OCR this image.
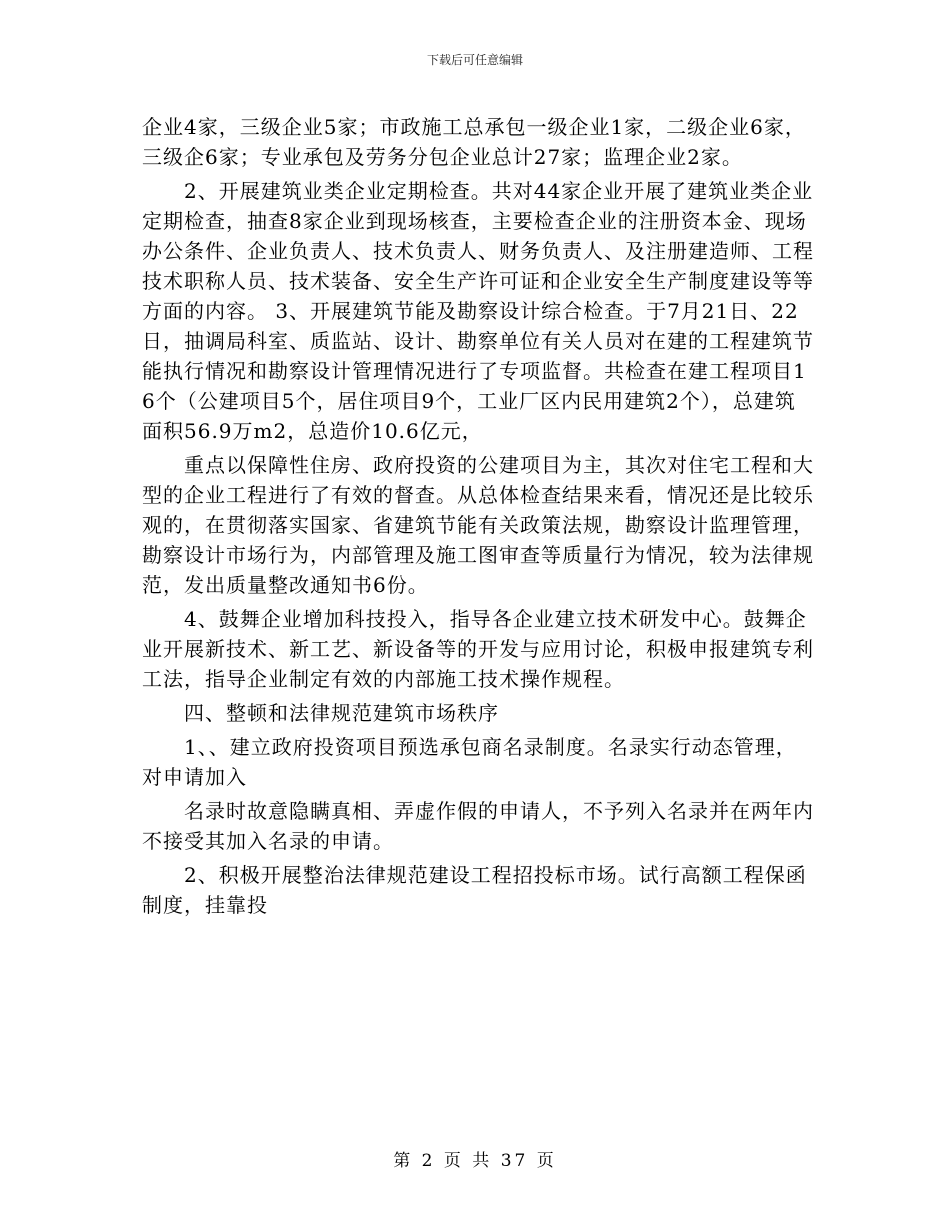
下载后可任意编辑

企业4家，三级企业5家；市政施工总承包一级企业1家，二级企业6家，三级企6家；专业承包及劳务分包企业总计27家；监理企业2家。

2、开展建筑业类企业定期检查。共对44家企业开展了建筑业类企业定期检查，抽查8家企业到现场核查，主要检查企业的注册资本金、现场办公条件、企业负责人、技术负责人、财务负责人、及注册建造师、工程技术职称人员、技术装备、安全生产许可证和企业安全生产制度建设等等方面的内容。 3、开展建筑节能及勘察设计综合检查。于7月21日、22日，抽调局科室、质监站、设计、勘察单位有关人员对在建的工程建筑节能执行情况和勘察设计管理情况进行了专项监督。共检查在建工程项目16个（公建项目5个，居住项目9个，工业厂区内民用建筑2个），总建筑面积56.9万m2，总造价10.6亿元，

重点以保障性住房、政府投资的公建项目为主，其次对住宅工程和大型的企业工程进行了有效的督查。从总体检查结果来看，情况还是比较乐观的，在贯彻落实国家、省建筑节能有关政策法规，勘察设计监理管理，勘察设计市场行为，内部管理及施工图审查等质量行为情况，较为法律规范，发出质量整改通知书6份。

4、鼓舞企业增加科技投入，指导各企业建立技术研发中心。鼓舞企业开展新技术、新工艺、新设备等的开发与应用讨论，积极申报建筑专利工法，指导企业制定有效的内部施工技术操作规程。

四、整顿和法律规范建筑市场秩序

1、、建立政府投资项目预选承包商名录制度。名录实行动态管理，对申请加入

名录时故意隐瞒真相、弄虚作假的申请人，不予列入名录并在两年内不接受其加入名录的申请。

2、积极开展整治法律规范建设工程招投标市场。试行高额工程保函制度，挂靠投

第 2 页 共 37 页
